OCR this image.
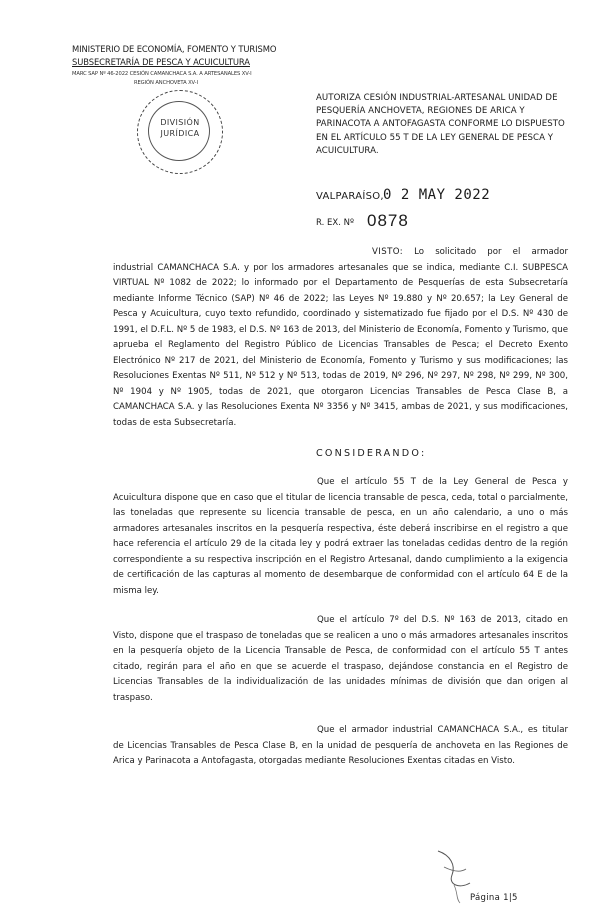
MINISTERIO DE ECONOMÍA, FOMENTO Y TURISMO
SUBSECRETARÍA DE PESCA Y ACUICULTURA
MARC SAP Nº 46-2022 CESIÓN CAMANCHACA S.A. A ARTESANALES XV-I
REGIÓN ANCHOVETA XV-I
DIVISIÓN
JURÍDICA
AUTORIZA CESIÓN INDUSTRIAL-ARTESANAL UNIDAD DE PESQUERÍA ANCHOVETA, REGIONES DE ARICA Y PARINACOTA A ANTOFAGASTA CONFORME LO DISPUESTO EN EL ARTÍCULO 55 T DE LA LEY GENERAL DE PESCA Y ACUICULTURA.
VALPARAÍSO, 0 2 MAY 2022
R. EX. Nº 0878
VISTO: Lo solicitado por el armador industrial CAMANCHACA S.A. y por los armadores artesanales que se indica, mediante C.I. SUBPESCA VIRTUAL Nº 1082 de 2022; lo informado por el Departamento de Pesquerías de esta Subsecretaría mediante Informe Técnico (SAP) Nº 46 de 2022; las Leyes Nº 19.880 y Nº 20.657; la Ley General de Pesca y Acuicultura, cuyo texto refundido, coordinado y sistematizado fue fijado por el D.S. Nº 430 de 1991, el D.F.L. Nº 5 de 1983, el D.S. Nº 163 de 2013, del Ministerio de Economía, Fomento y Turismo, que aprueba el Reglamento del Registro Público de Licencias Transables de Pesca; el Decreto Exento Electrónico Nº 217 de 2021, del Ministerio de Economía, Fomento y Turismo y sus modificaciones; las Resoluciones Exentas Nº 511, Nº 512 y Nº 513, todas de 2019, Nº 296, Nº 297, Nº 298, Nº 299, Nº 300, Nº 1904 y Nº 1905, todas de 2021, que otorgaron Licencias Transables de Pesca Clase B, a CAMANCHACA S.A. y las Resoluciones Exenta Nº 3356 y Nº 3415, ambas de 2021, y sus modificaciones, todas de esta Subsecretaría.
CONSIDERANDO:
Que el artículo 55 T de la Ley General de Pesca y Acuicultura dispone que en caso que el titular de licencia transable de pesca, ceda, total o parcialmente, las toneladas que represente su licencia transable de pesca, en un año calendario, a uno o más armadores artesanales inscritos en la pesquería respectiva, éste deberá inscribirse en el registro a que hace referencia el artículo 29 de la citada ley y podrá extraer las toneladas cedidas dentro de la región correspondiente a su respectiva inscripción en el Registro Artesanal, dando cumplimiento a la exigencia de certificación de las capturas al momento de desembarque de conformidad con el artículo 64 E de la misma ley.
Que el artículo 7º del D.S. Nº 163 de 2013, citado en Visto, dispone que el traspaso de toneladas que se realicen a uno o más armadores artesanales inscritos en la pesquería objeto de la Licencia Transable de Pesca, de conformidad con el artículo 55 T antes citado, regirán para el año en que se acuerde el traspaso, dejándose constancia en el Registro de Licencias Transables de la individualización de las unidades mínimas de división que dan origen al traspaso.
Que el armador industrial CAMANCHACA S.A., es titular de Licencias Transables de Pesca Clase B, en la unidad de pesquería de anchoveta en las Regiones de Arica y Parinacota a Antofagasta, otorgadas mediante Resoluciones Exentas citadas en Visto.
Página 1|5
